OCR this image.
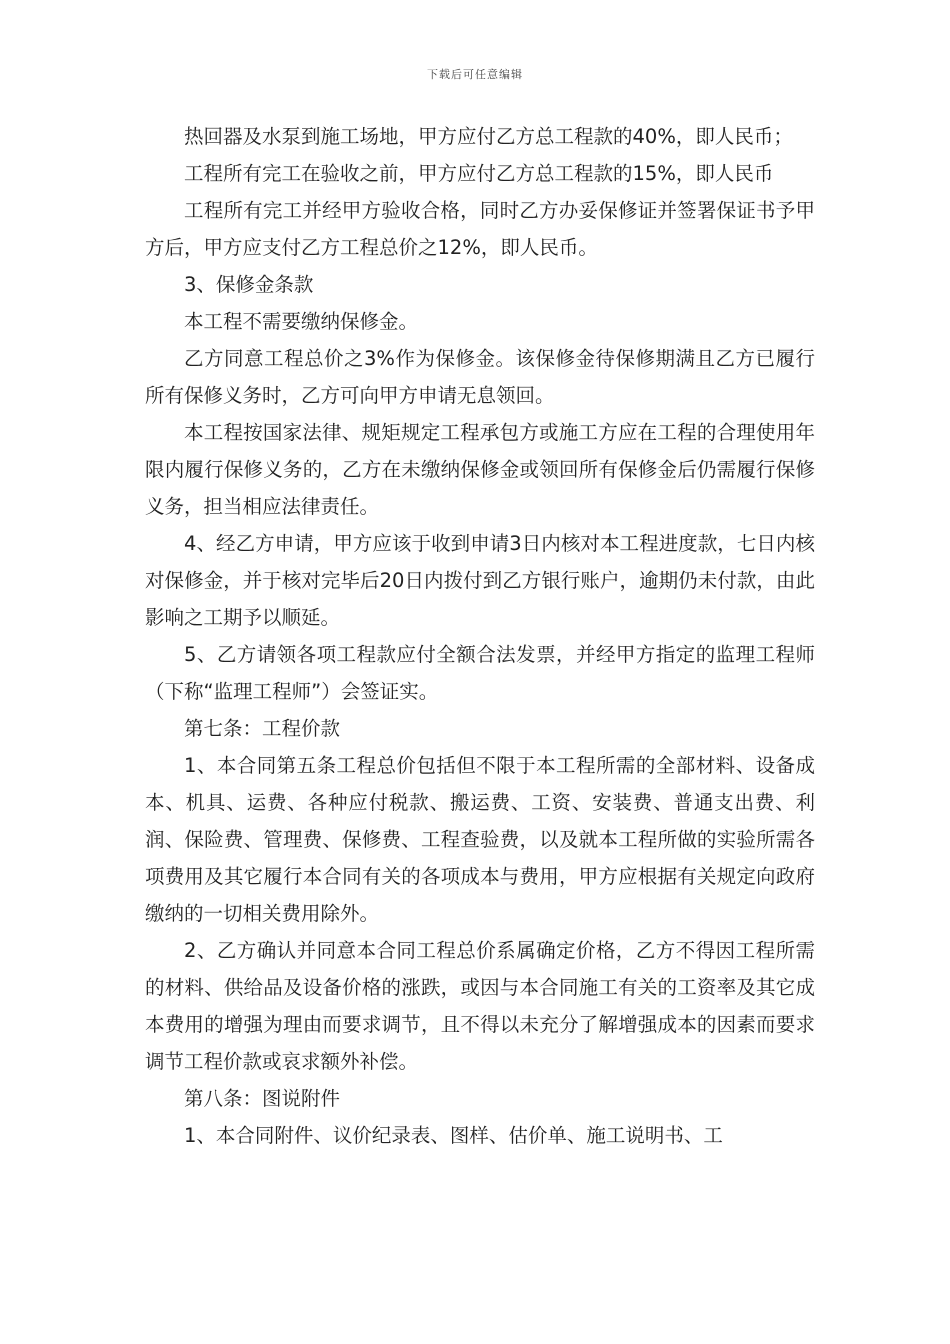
下载后可任意编辑

热回器及水泵到施工场地，甲方应付乙方总工程款的40%，即人民币；

工程所有完工在验收之前，甲方应付乙方总工程款的15%，即人民币

工程所有完工并经甲方验收合格，同时乙方办妥保修证并签署保证书予甲方后，甲方应支付乙方工程总价之12%，即人民币。

3、保修金条款

本工程不需要缴纳保修金。

乙方同意工程总价之3%作为保修金。该保修金待保修期满且乙方已履行所有保修义务时，乙方可向甲方申请无息领回。

本工程按国家法律、规矩规定工程承包方或施工方应在工程的合理使用年限内履行保修义务的，乙方在未缴纳保修金或领回所有保修金后仍需履行保修义务，担当相应法律责任。

4、经乙方申请，甲方应该于收到申请3日内核对本工程进度款，七日内核对保修金，并于核对完毕后20日内拨付到乙方银行账户，逾期仍未付款，由此影响之工期予以顺延。

5、乙方请领各项工程款应付全额合法发票，并经甲方指定的监理工程师（下称“监理工程师”）会签证实。

第七条：工程价款

1、本合同第五条工程总价包括但不限于本工程所需的全部材料、设备成本、机具、运费、各种应付税款、搬运费、工资、安装费、普通支出费、利润、保险费、管理费、保修费、工程查验费，以及就本工程所做的实验所需各项费用及其它履行本合同有关的各项成本与费用，甲方应根据有关规定向政府缴纳的一切相关费用除外。

2、乙方确认并同意本合同工程总价系属确定价格，乙方不得因工程所需的材料、供给品及设备价格的涨跌，或因与本合同施工有关的工资率及其它成本费用的增强为理由而要求调节，且不得以未充分了解增强成本的因素而要求调节工程价款或哀求额外补偿。

第八条：图说附件

1、本合同附件、议价纪录表、图样、估价单、施工说明书、工
